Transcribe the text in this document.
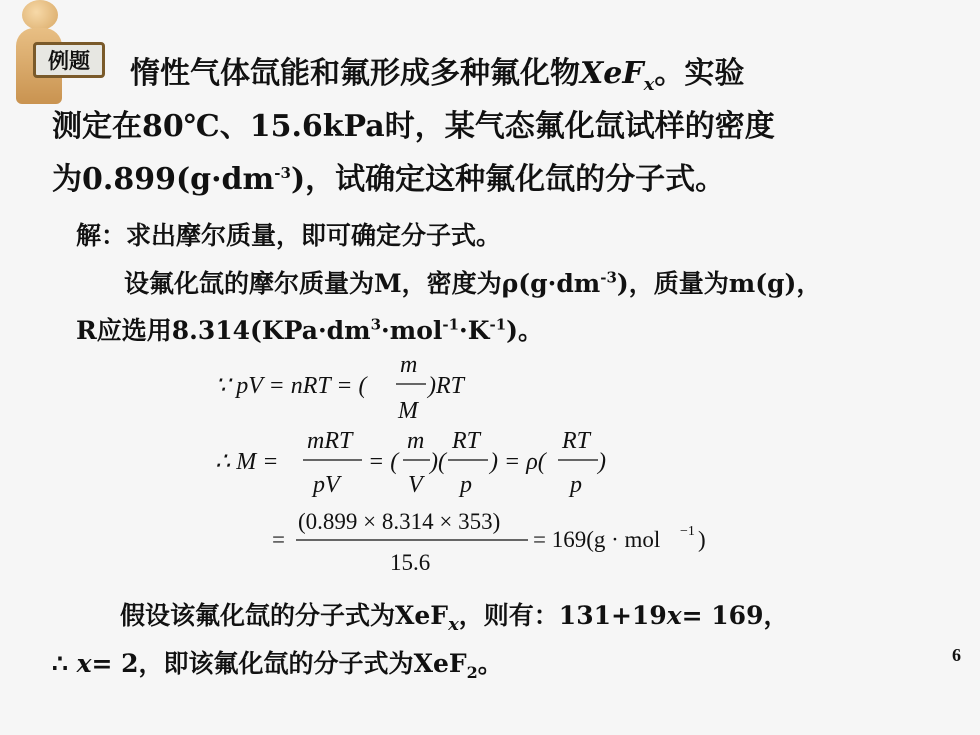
例题 惰性气体氙能和氟形成多种氟化物XeF$_x$。实验
测定在80℃、15.6kPa时，某气态氟化氙试样的密度
为$0.899(g\cdot dm^{-3})$，试确定这种氟化氙的分子式。
解：求出摩尔质量，即可确定分子式。
设氟化氙的摩尔质量为M，密度为$\rho(g\cdot dm^{-3})$，质量为m(g)，
R应选用$8.314(KPa\cdot dm^3\cdot mol^{-1}\cdot K^{-1})$。
∵ pV = nRT = (
m
M
)RT
∴ M =
mRT
pV
= (
m
V
)(
RT
p
) = ρ(
RT
p
)
=
(0.899 × 8.314 × 353)
15.6
= 169(g · mol −1 )
假设该氟化氙的分子式为XeF$_x$，则有：131+19x= 169，
∴ x= 2，即该氟化氙的分子式为XeF$_2$。	6
